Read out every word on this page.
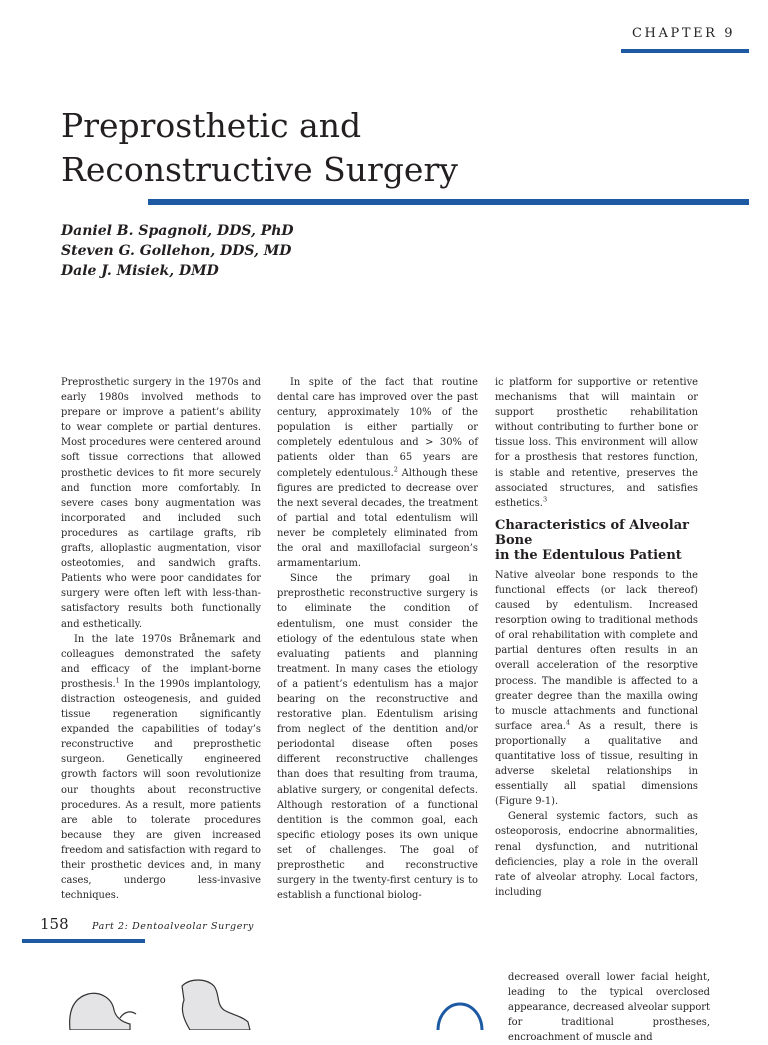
CHAPTER 9
Preprosthetic and
Reconstructive Surgery
Daniel B. Spagnoli, DDS, PhD
Steven G. Gollehon, DDS, MD
Dale J. Misiek, DMD

Preprosthetic surgery in the 1970s and early 1980s involved methods to prepare or improve a patient’s ability to wear complete or partial dentures. Most procedures were centered around soft tissue corrections that allowed prosthetic devices to fit more securely and function more comfortably. In severe cases bony augmentation was incorporated and included such procedures as cartilage grafts, rib grafts, alloplastic augmentation, visor osteotomies, and sandwich grafts. Patients who were poor candidates for surgery were often left with less-than-satisfactory results both functionally and esthetically.

In the late 1970s Brånemark and colleagues demonstrated the safety and efficacy of the implant-borne prosthesis.$^1$ In the 1990s implantology, distraction osteogenesis, and guided tissue regeneration significantly expanded the capabilities of today’s reconstructive and preprosthetic surgeon. Genetically engineered growth factors will soon revolutionize our thoughts about reconstructive procedures. As a result, more patients are able to tolerate procedures because they are given increased freedom and satisfaction with regard to their prosthetic devices and, in many cases, undergo less-invasive techniques.

In spite of the fact that routine dental care has improved over the past century, approximately 10% of the population is either partially or completely edentulous and > 30% of patients older than 65 years are completely edentulous.$^2$ Although these figures are predicted to decrease over the next several decades, the treatment of partial and total edentulism will never be completely eliminated from the oral and maxillofacial surgeon’s armamentarium.

Since the primary goal in preprosthetic reconstructive surgery is to eliminate the condition of edentulism, one must consider the etiology of the edentulous state when evaluating patients and planning treatment. In many cases the etiology of a patient’s edentulism has a major bearing on the reconstructive and restorative plan. Edentulism arising from neglect of the dentition and/or periodontal disease often poses different reconstructive challenges than does that resulting from trauma, ablative surgery, or congenital defects. Although restoration of a functional dentition is the common goal, each specific etiology poses its own unique set of challenges. The goal of preprosthetic and reconstructive surgery in the twenty-first century is to establish a functional biolog-

ic platform for supportive or retentive mechanisms that will maintain or support prosthetic rehabilitation without contributing to further bone or tissue loss. This environment will allow for a prosthesis that restores function, is stable and retentive, preserves the associated structures, and satisfies esthetics.$^3$

Characteristics of Alveolar Bone
in the Edentulous Patient

Native alveolar bone responds to the functional effects (or lack thereof) caused by edentulism. Increased resorption owing to traditional methods of oral rehabilitation with complete and partial dentures often results in an overall acceleration of the resorptive process. The mandible is affected to a greater degree than the maxilla owing to muscle attachments and functional surface area.$^4$ As a result, there is proportionally a qualitative and quantitative loss of tissue, resulting in adverse skeletal relationships in essentially all spatial dimensions (Figure 9-1).

General systemic factors, such as osteoporosis, endocrine abnormalities, renal dysfunction, and nutritional deficiencies, play a role in the overall rate of alveolar atrophy. Local factors, including

158 Part 2: Dentoalveolar Surgery

decreased overall lower facial height, leading to the typical overclosed appearance, decreased alveolar support for traditional prostheses, encroachment of muscle and
